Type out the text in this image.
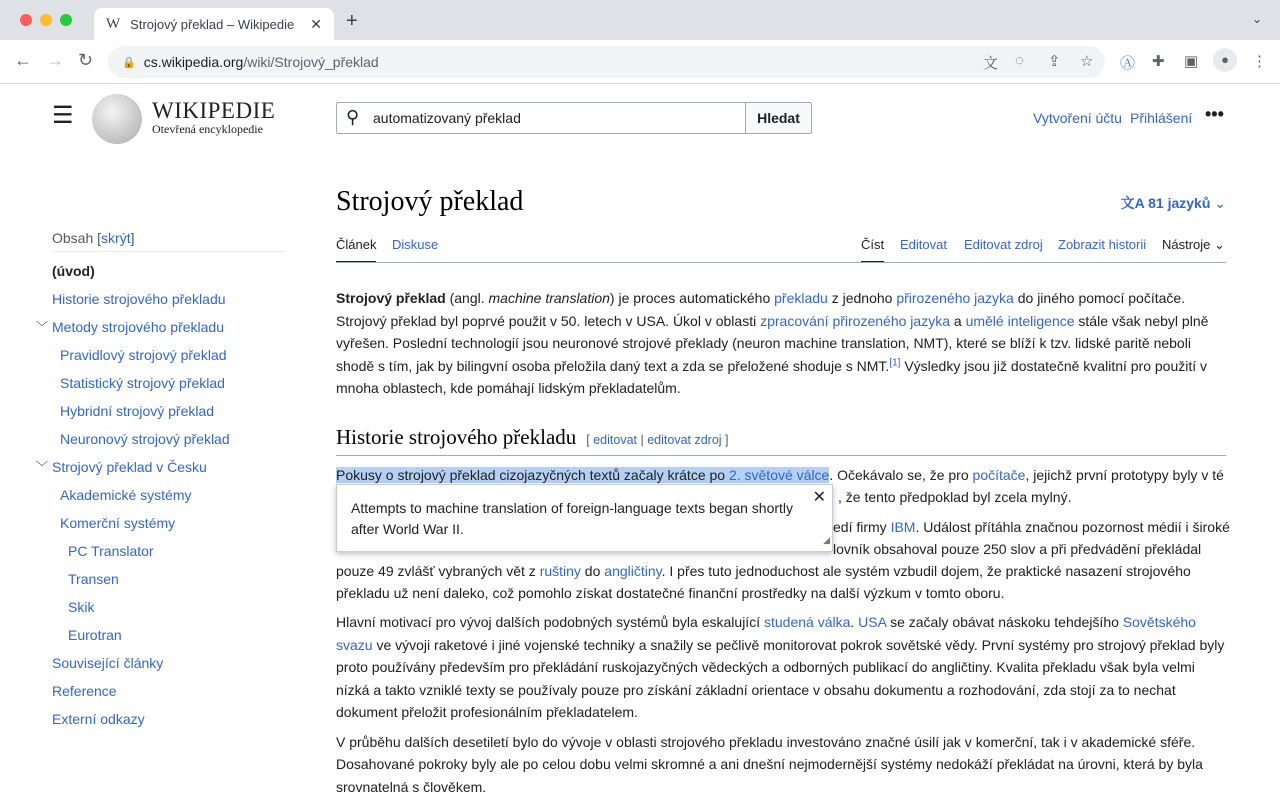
W Strojový překlad – Wikipedie ✕ +	⌄
← → ↻	🔒 cs.wikipedia.org /wiki/Strojový_překlad	文 ◌ ⇪ ☆ Ⓐ ✚ ▣	●	⋮
☰	WIKIPEDIE
Otevřená encyklopedie
⚲ automatizovaný překlad	Hledat	Vytvoření účtu Přihlášení •••
Obsah [skrýt]
(úvod)
Historie strojového překladu
﹀ Metody strojového překladu
Pravidlový strojový překlad
Statistický strojový překlad
Hybridní strojový překlad
Neuronový strojový překlad
﹀ Strojový překlad v Česku
Akademické systémy
Komerční systémy
PC Translator
Transen
Skik
Eurotran
Související články
Reference
Externí odkazy
Strojový překlad	文A 81 jazyků ⌄
Článek Diskuse	Číst Editovat Editovat zdroj Zobrazit historii Nástroje ⌄

Strojový překlad (angl. machine translation) je proces automatického překladu z jednoho přirozeného jazyka do jiného pomocí počítače. Strojový překlad byl poprvé použit v 50. letech v USA. Úkol v oblasti zpracování přirozeného jazyka a umělé inteligence stále však nebyl plně vyřešen. Poslední technologií jsou neuronové strojové překlady (neuron machine translation, NMT), které se blíží k tzv. lidské paritě neboli shodě s tím, jak by bilingvní osoba přeložila daný text a zda se přeložené shoduje s NMT.[1] Výsledky jsou již dostatečně kvalitní pro použití v mnoha oblastech, kde pomáhají lidským překladatelům.

Historie strojového překladu [ editovat | editovat zdroj ]
Pokusy o strojový překlad cizojazyčných textů začaly krátce po 2. světové válce. Očekávalo se, že pro počítače, jejichž první prototypy byly v té
, že tento předpoklad byl zcela mylný.
edí firmy IBM. Událost přítáhla značnou pozornost médií i široké
lovník obsahoval pouze 250 slov a při předvádění překládal
pouze 49 zvlášť vybraných vět z ruštiny do angličtiny. I přes tuto jednoduchost ale systém vzbudil dojem, že praktické nasazení strojového
překladu už není daleko, což pomohlo získat dostatečné finanční prostředky na další výzkum v tomto oboru.
✕
Attempts to machine translation of foreign-language texts began shortly after World War II.
◢

Hlavní motivací pro vývoj dalších podobných systémů byla eskalující studená válka. USA se začaly obávat náskoku tehdejšího Sovětského svazu ve vývoji raketové i jiné vojenské techniky a snažily se pečlivě monitorovat pokrok sovětské vědy. První systémy pro strojový překlad byly proto používány především pro překládání ruskojazyčných vědeckých a odborných publikací do angličtiny. Kvalita překladu však byla velmi nízká a takto vzniklé texty se používaly pouze pro získání základní orientace v obsahu dokumentu a rozhodování, zda stojí za to nechat dokument přeložit profesionálním překladatelem.

V průběhu dalších desetiletí bylo do vývoje v oblasti strojového překladu investováno značné úsilí jak v komerční, tak i v akademické sféře. Dosahované pokroky byly ale po celou dobu velmi skromné a ani dnešní nejmodernější systémy nedokáží překládat na úrovni, která by byla srovnatelná s člověkem.
